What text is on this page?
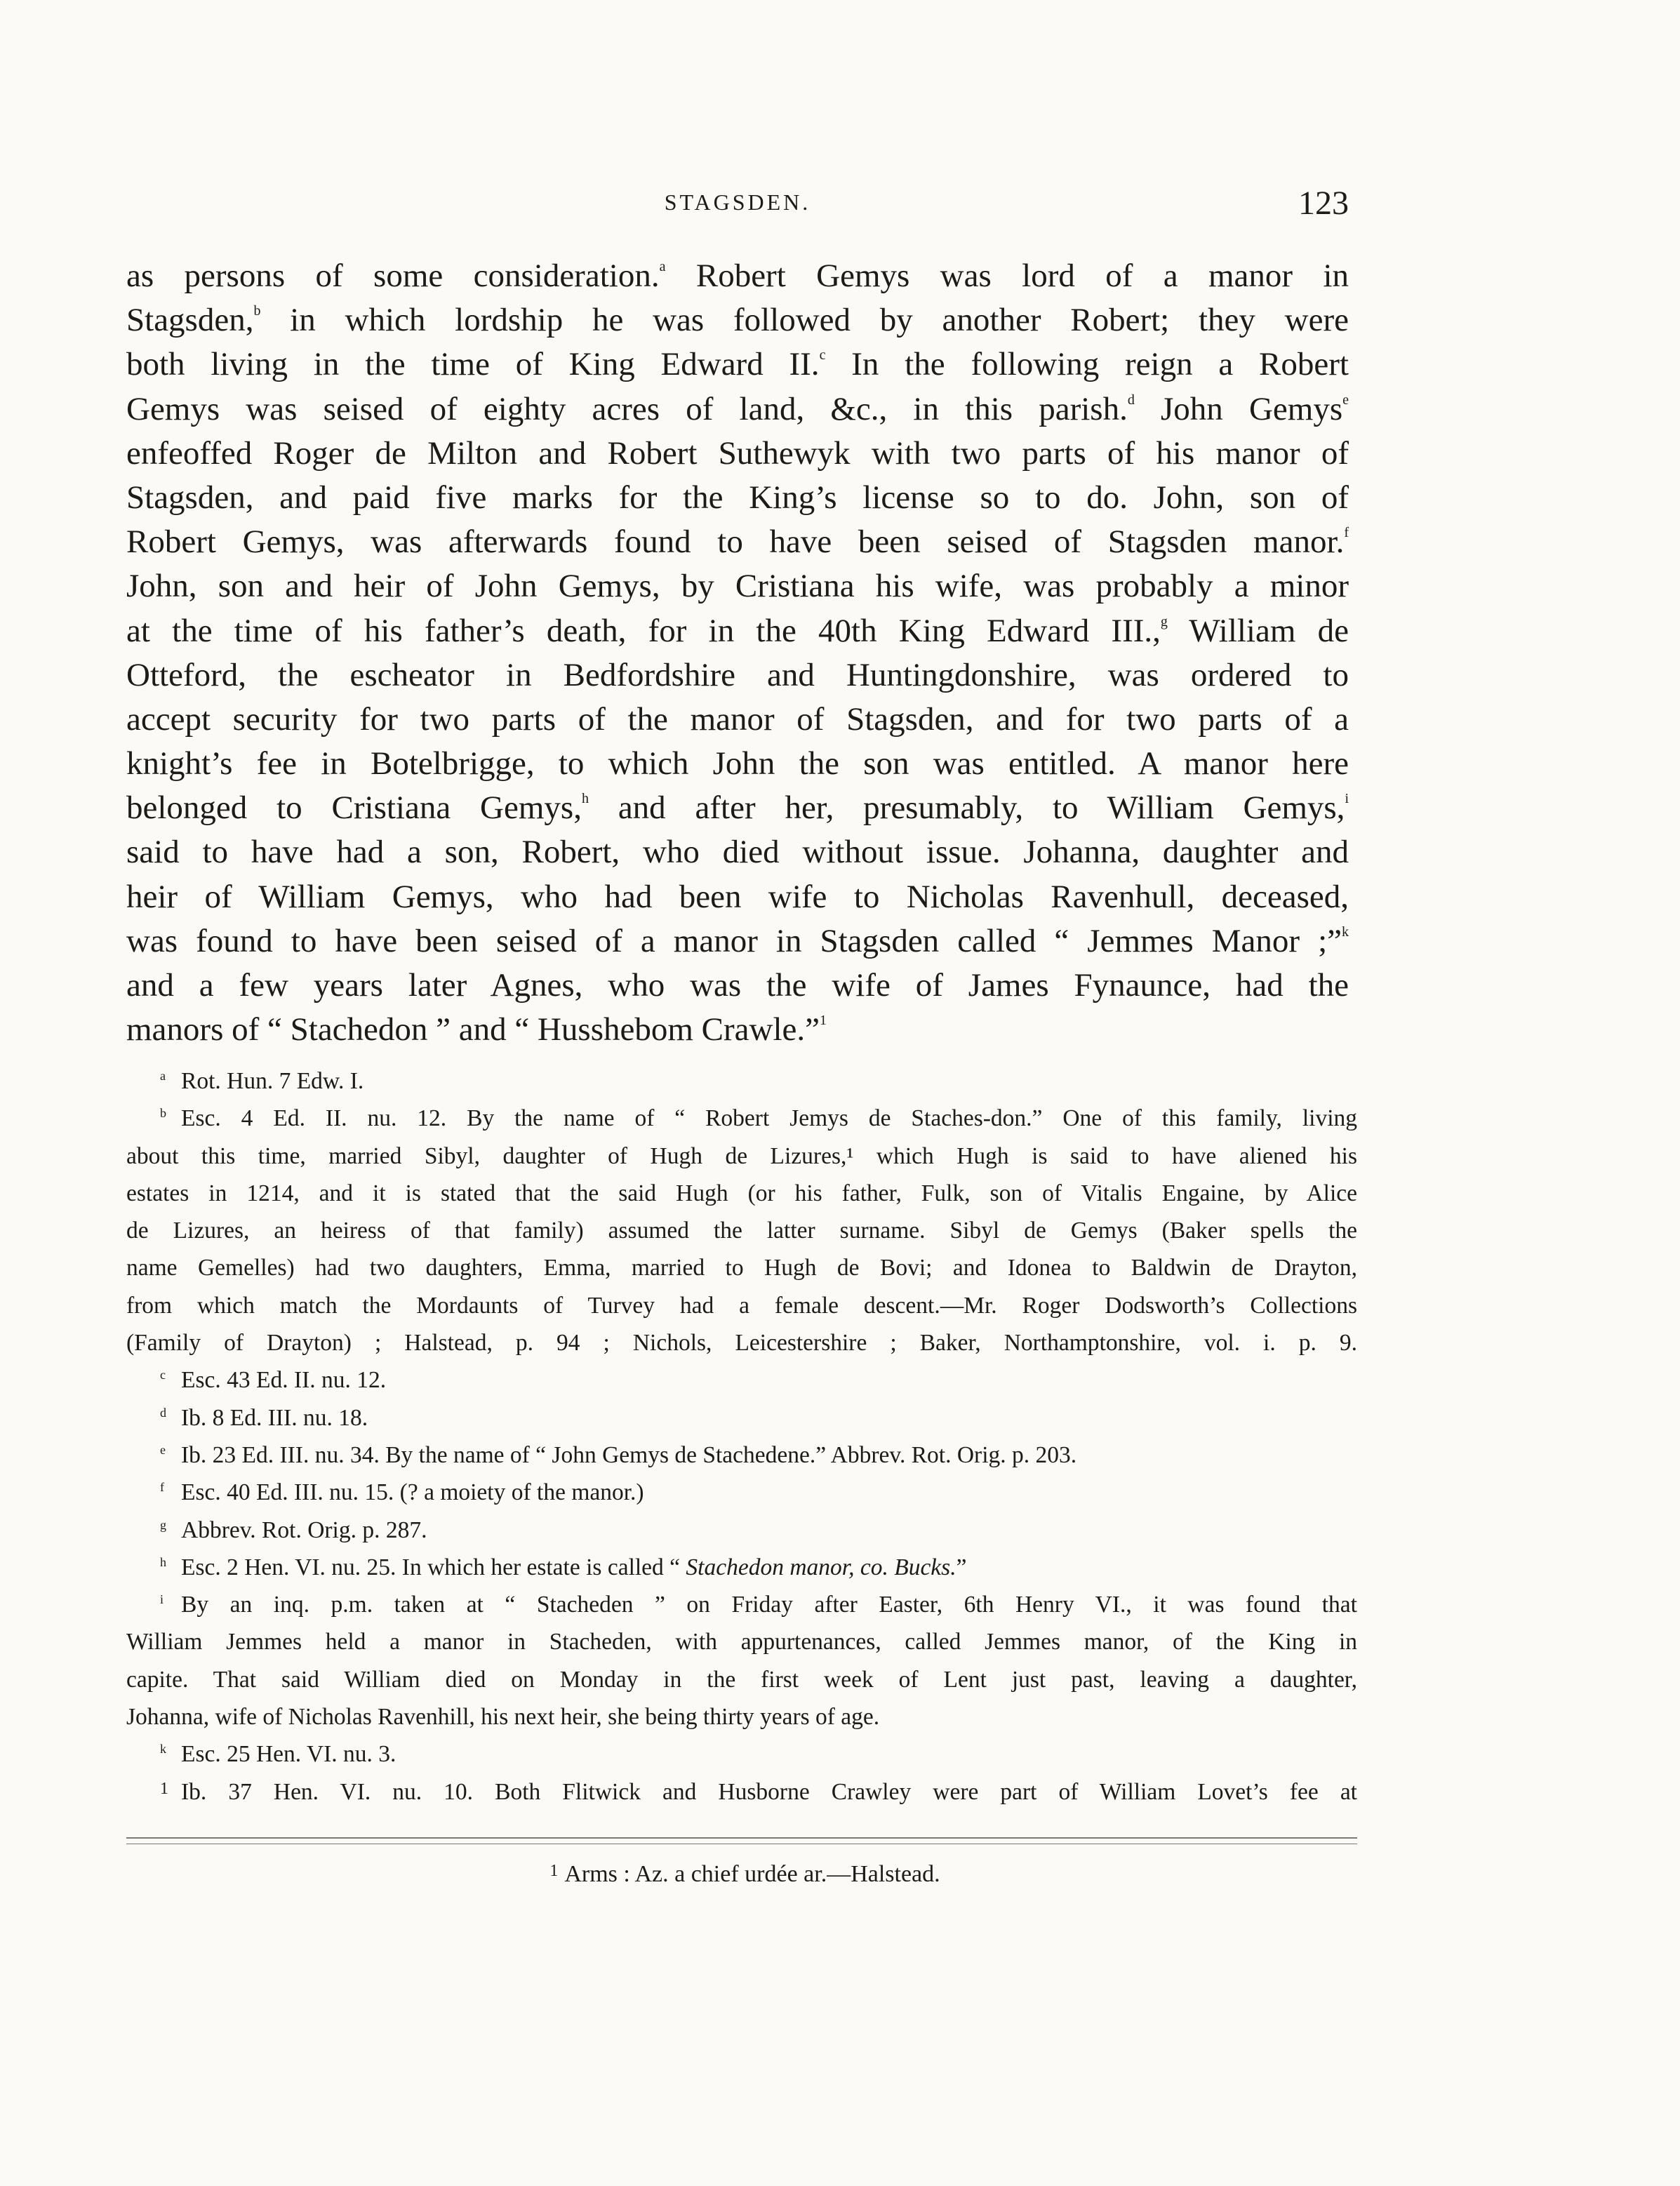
STAGSDEN.	123
as persons of some consideration.$^a$ Robert Gemys was lord of a manor in
Stagsden,$^b$ in which lordship he was followed by another Robert; they were
both living in the time of King Edward II.$^c$ In the following reign a Robert
Gemys was seised of eighty acres of land, &c., in this parish.$^d$ John Gemys$^e$
enfeoffed Roger de Milton and Robert Suthewyk with two parts of his manor of
Stagsden, and paid five marks for the King’s license so to do. John, son of
Robert Gemys, was afterwards found to have been seised of Stagsden manor.$^f$
John, son and heir of John Gemys, by Cristiana his wife, was probably a minor
at the time of his father’s death, for in the 40th King Edward III.,$^g$ William de
Otteford, the escheator in Bedfordshire and Huntingdonshire, was ordered to
accept security for two parts of the manor of Stagsden, and for two parts of a
knight’s fee in Botelbrigge, to which John the son was entitled. A manor here
belonged to Cristiana Gemys,$^h$ and after her, presumably, to William Gemys,$^i$
said to have had a son, Robert, who died without issue. Johanna, daughter and
heir of William Gemys, who had been wife to Nicholas Ravenhull, deceased,
was found to have been seised of a manor in Stagsden called “ Jemmes Manor ;”$^k$
and a few years later Agnes, who was the wife of James Fynaunce, had the
manors of “ Stachedon ” and “ Husshebom Crawle.”$^1$
a Rot. Hun. 7 Edw. I.
b Esc. 4 Ed. II. nu. 12. By the name of “ Robert Jemys de Staches-don.” One of this family, living
about this time, married Sibyl, daughter of Hugh de Lizures,¹ which Hugh is said to have aliened his
estates in 1214, and it is stated that the said Hugh (or his father, Fulk, son of Vitalis Engaine, by Alice
de Lizures, an heiress of that family) assumed the latter surname. Sibyl de Gemys (Baker spells the
name Gemelles) had two daughters, Emma, married to Hugh de Bovi; and Idonea to Baldwin de Drayton,
from which match the Mordaunts of Turvey had a female descent.—Mr. Roger Dodsworth’s Collections
(Family of Drayton) ; Halstead, p. 94 ; Nichols, Leicestershire ; Baker, Northamptonshire, vol. i. p. 9.
c Esc. 43 Ed. II. nu. 12.
d Ib. 8 Ed. III. nu. 18.
e Ib. 23 Ed. III. nu. 34. By the name of “ John Gemys de Stachedene.” Abbrev. Rot. Orig. p. 203.
f Esc. 40 Ed. III. nu. 15. (? a moiety of the manor.)
g Abbrev. Rot. Orig. p. 287.
h Esc. 2 Hen. VI. nu. 25. In which her estate is called “ Stachedon manor, co. Bucks.”
i By an inq. p.m. taken at “ Stacheden ” on Friday after Easter, 6th Henry VI., it was found that
William Jemmes held a manor in Stacheden, with appurtenances, called Jemmes manor, of the King in
capite. That said William died on Monday in the first week of Lent just past, leaving a daughter,
Johanna, wife of Nicholas Ravenhill, his next heir, she being thirty years of age.
k Esc. 25 Hen. VI. nu. 3.
1 Ib. 37 Hen. VI. nu. 10. Both Flitwick and Husborne Crawley were part of William Lovet’s fee at
1 Arms : Az. a chief urdée ar.—Halstead.
